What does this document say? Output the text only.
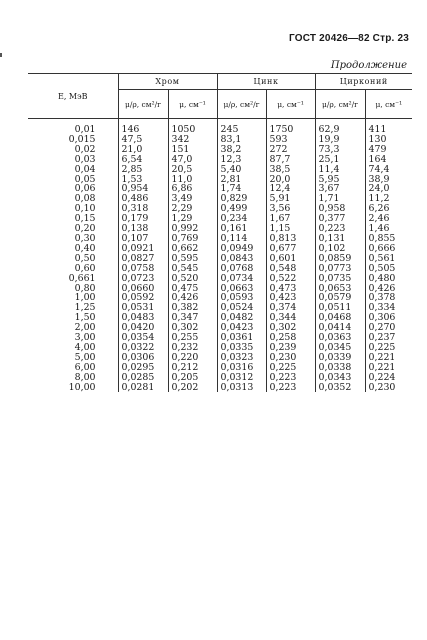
ГОСТ 20426—82 Стр. 23
Продолжение
E, МэВ	Хром		Цинк		Цирконий	
	μ/ρ, см²/г	μ, см⁻¹	μ/ρ, см²/г	μ, см⁻¹	μ/ρ, см²/г	μ, см⁻¹
0,01	146	1050	245	1750	62,9	411
0,015	47,5	342	83,1	593	19,9	130
0,02	21,0	151	38,2	272	73,3	479
0,03	6,54	47,0	12,3	87,7	25,1	164
0,04	2,85	20,5	5,40	38,5	11,4	74,4
0,05	1,53	11,0	2,81	20,0	5,95	38,9
0,06	0,954	6,86	1,74	12,4	3,67	24,0
0,08	0,486	3,49	0,829	5,91	1,71	11,2
0,10	0,318	2,29	0,499	3,56	0,958	6,26
0,15	0,179	1,29	0,234	1,67	0,377	2,46
0,20	0,138	0,992	0,161	1,15	0,223	1,46
0,30	0,107	0,769	0,114	0,813	0,131	0,855
0,40	0,0921	0,662	0,0949	0,677	0,102	0,666
0,50	0,0827	0,595	0,0843	0,601	0,0859	0,561
0,60	0,0758	0,545	0,0768	0,548	0,0773	0,505
0,661	0,0723	0,520	0,0734	0,522	0,0735	0,480
0,80	0,0660	0,475	0,0663	0,473	0,0653	0,426
1,00	0,0592	0,426	0,0593	0,423	0,0579	0,378
1,25	0,0531	0,382	0,0524	0,374	0,0511	0,334
1,50	0,0483	0,347	0,0482	0,344	0,0468	0,306
2,00	0,0420	0,302	0,0423	0,302	0,0414	0,270
3,00	0,0354	0,255	0,0361	0,258	0,0363	0,237
4,00	0,0322	0,232	0,0335	0,239	0,0345	0,225
5,00	0,0306	0,220	0,0323	0,230	0,0339	0,221
6,00	0,0295	0,212	0,0316	0,225	0,0338	0,221
8,00	0,0285	0,205	0,0312	0,223	0,0343	0,224
10,00	0,0281	0,202	0,0313	0,223	0,0352	0,230
